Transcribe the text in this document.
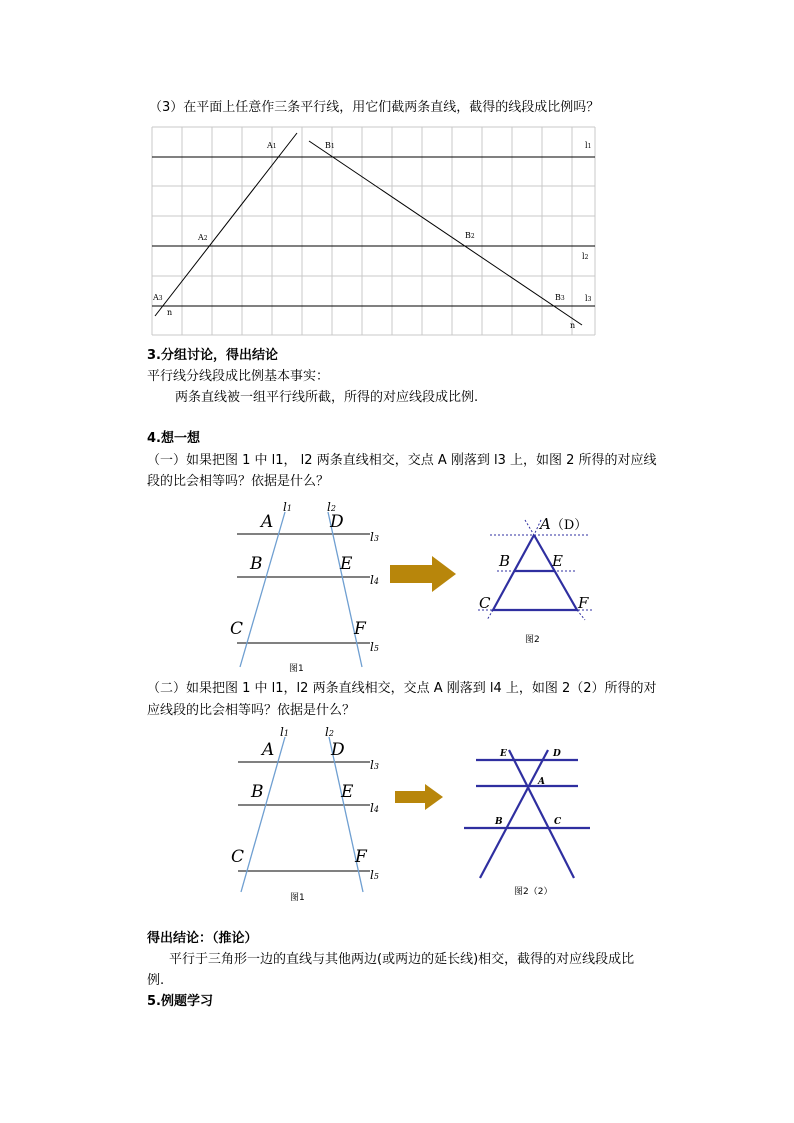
（3）在平面上任意作三条平行线，用它们截两条直线，截得的线段成比例吗？
A1	B1	l1
A2	B2
l2
A3	B3	l3
n
n
3.分组讨论，得出结论
平行线分线段成比例基本事实：
两条直线被一组平行线所截，所得的对应线段成比例.
4.想一想
（一）如果把图 1 中 l1， l2 两条直线相交，交点 A 刚落到 l3 上，如图 2 所得的对应线
段的比会相等吗？依据是什么？
A	D
B	E
C	F
l1	l2
l3
l4
l5
图1
A（D）
B	E
C	F
图2
（二）如果把图 1 中 l1，l2 两条直线相交，交点 A 刚落到 l4 上，如图 2（2）所得的对
应线段的比会相等吗？依据是什么？
A	D
B	E
C	F
l1	l2
l3
l4
l5
图1
E	D
A
B	C
图2（2）
得出结论：（推论）
平行于三角形一边的直线与其他两边(或两边的延长线)相交，截得的对应线段成比
例.
5.例题学习
